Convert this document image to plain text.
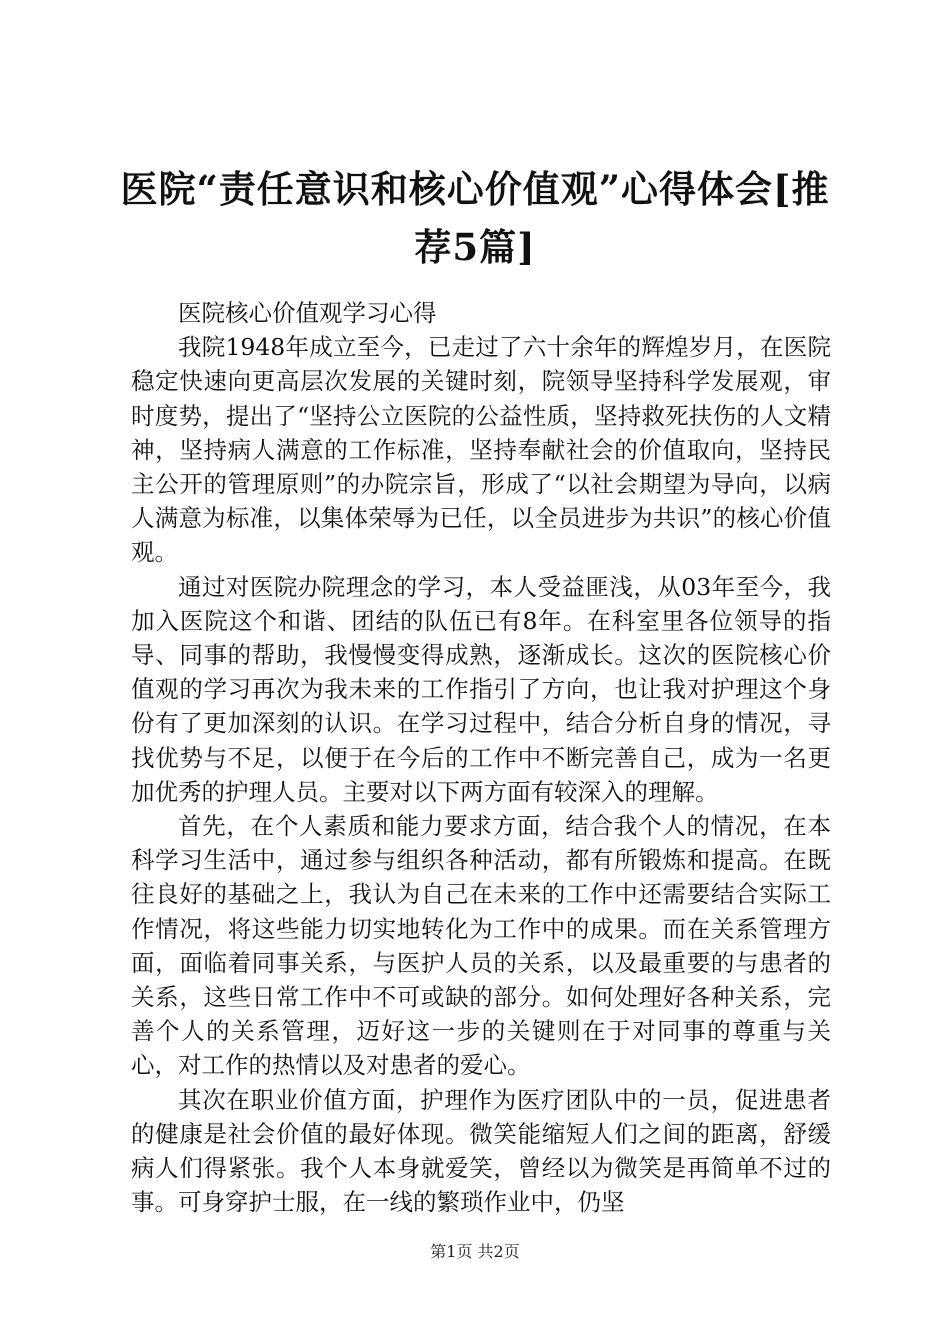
医院“责任意识和核心价值观”心得体会[推荐5篇]

医院核心价值观学习心得

我院1948年成立至今，已走过了六十余年的辉煌岁月，在医院稳定快速向更高层次发展的关键时刻，院领导坚持科学发展观，审时度势，提出了“坚持公立医院的公益性质，坚持救死扶伤的人文精神，坚持病人满意的工作标准，坚持奉献社会的价值取向，坚持民主公开的管理原则”的办院宗旨，形成了“以社会期望为导向，以病人满意为标准，以集体荣辱为已任，以全员进步为共识”的核心价值观。

通过对医院办院理念的学习，本人受益匪浅，从03年至今，我加入医院这个和谐、团结的队伍已有8年。在科室里各位领导的指导、同事的帮助，我慢慢变得成熟，逐渐成长。这次的医院核心价值观的学习再次为我未来的工作指引了方向，也让我对护理这个身份有了更加深刻的认识。在学习过程中，结合分析自身的情况，寻找优势与不足，以便于在今后的工作中不断完善自己，成为一名更加优秀的护理人员。主要对以下两方面有较深入的理解。

首先，在个人素质和能力要求方面，结合我个人的情况，在本科学习生活中，通过参与组织各种活动，都有所锻炼和提高。在既往良好的基础之上，我认为自己在未来的工作中还需要结合实际工作情况，将这些能力切实地转化为工作中的成果。而在关系管理方面，面临着同事关系，与医护人员的关系，以及最重要的与患者的关系，这些日常工作中不可或缺的部分。如何处理好各种关系，完善个人的关系管理，迈好这一步的关键则在于对同事的尊重与关心，对工作的热情以及对患者的爱心。

其次在职业价值方面，护理作为医疗团队中的一员，促进患者的健康是社会价值的最好体现。微笑能缩短人们之间的距离，舒缓病人们得紧张。我个人本身就爱笑，曾经以为微笑是再简单不过的事。可身穿护士服，在一线的繁琐作业中，仍坚

第1页 共2页
